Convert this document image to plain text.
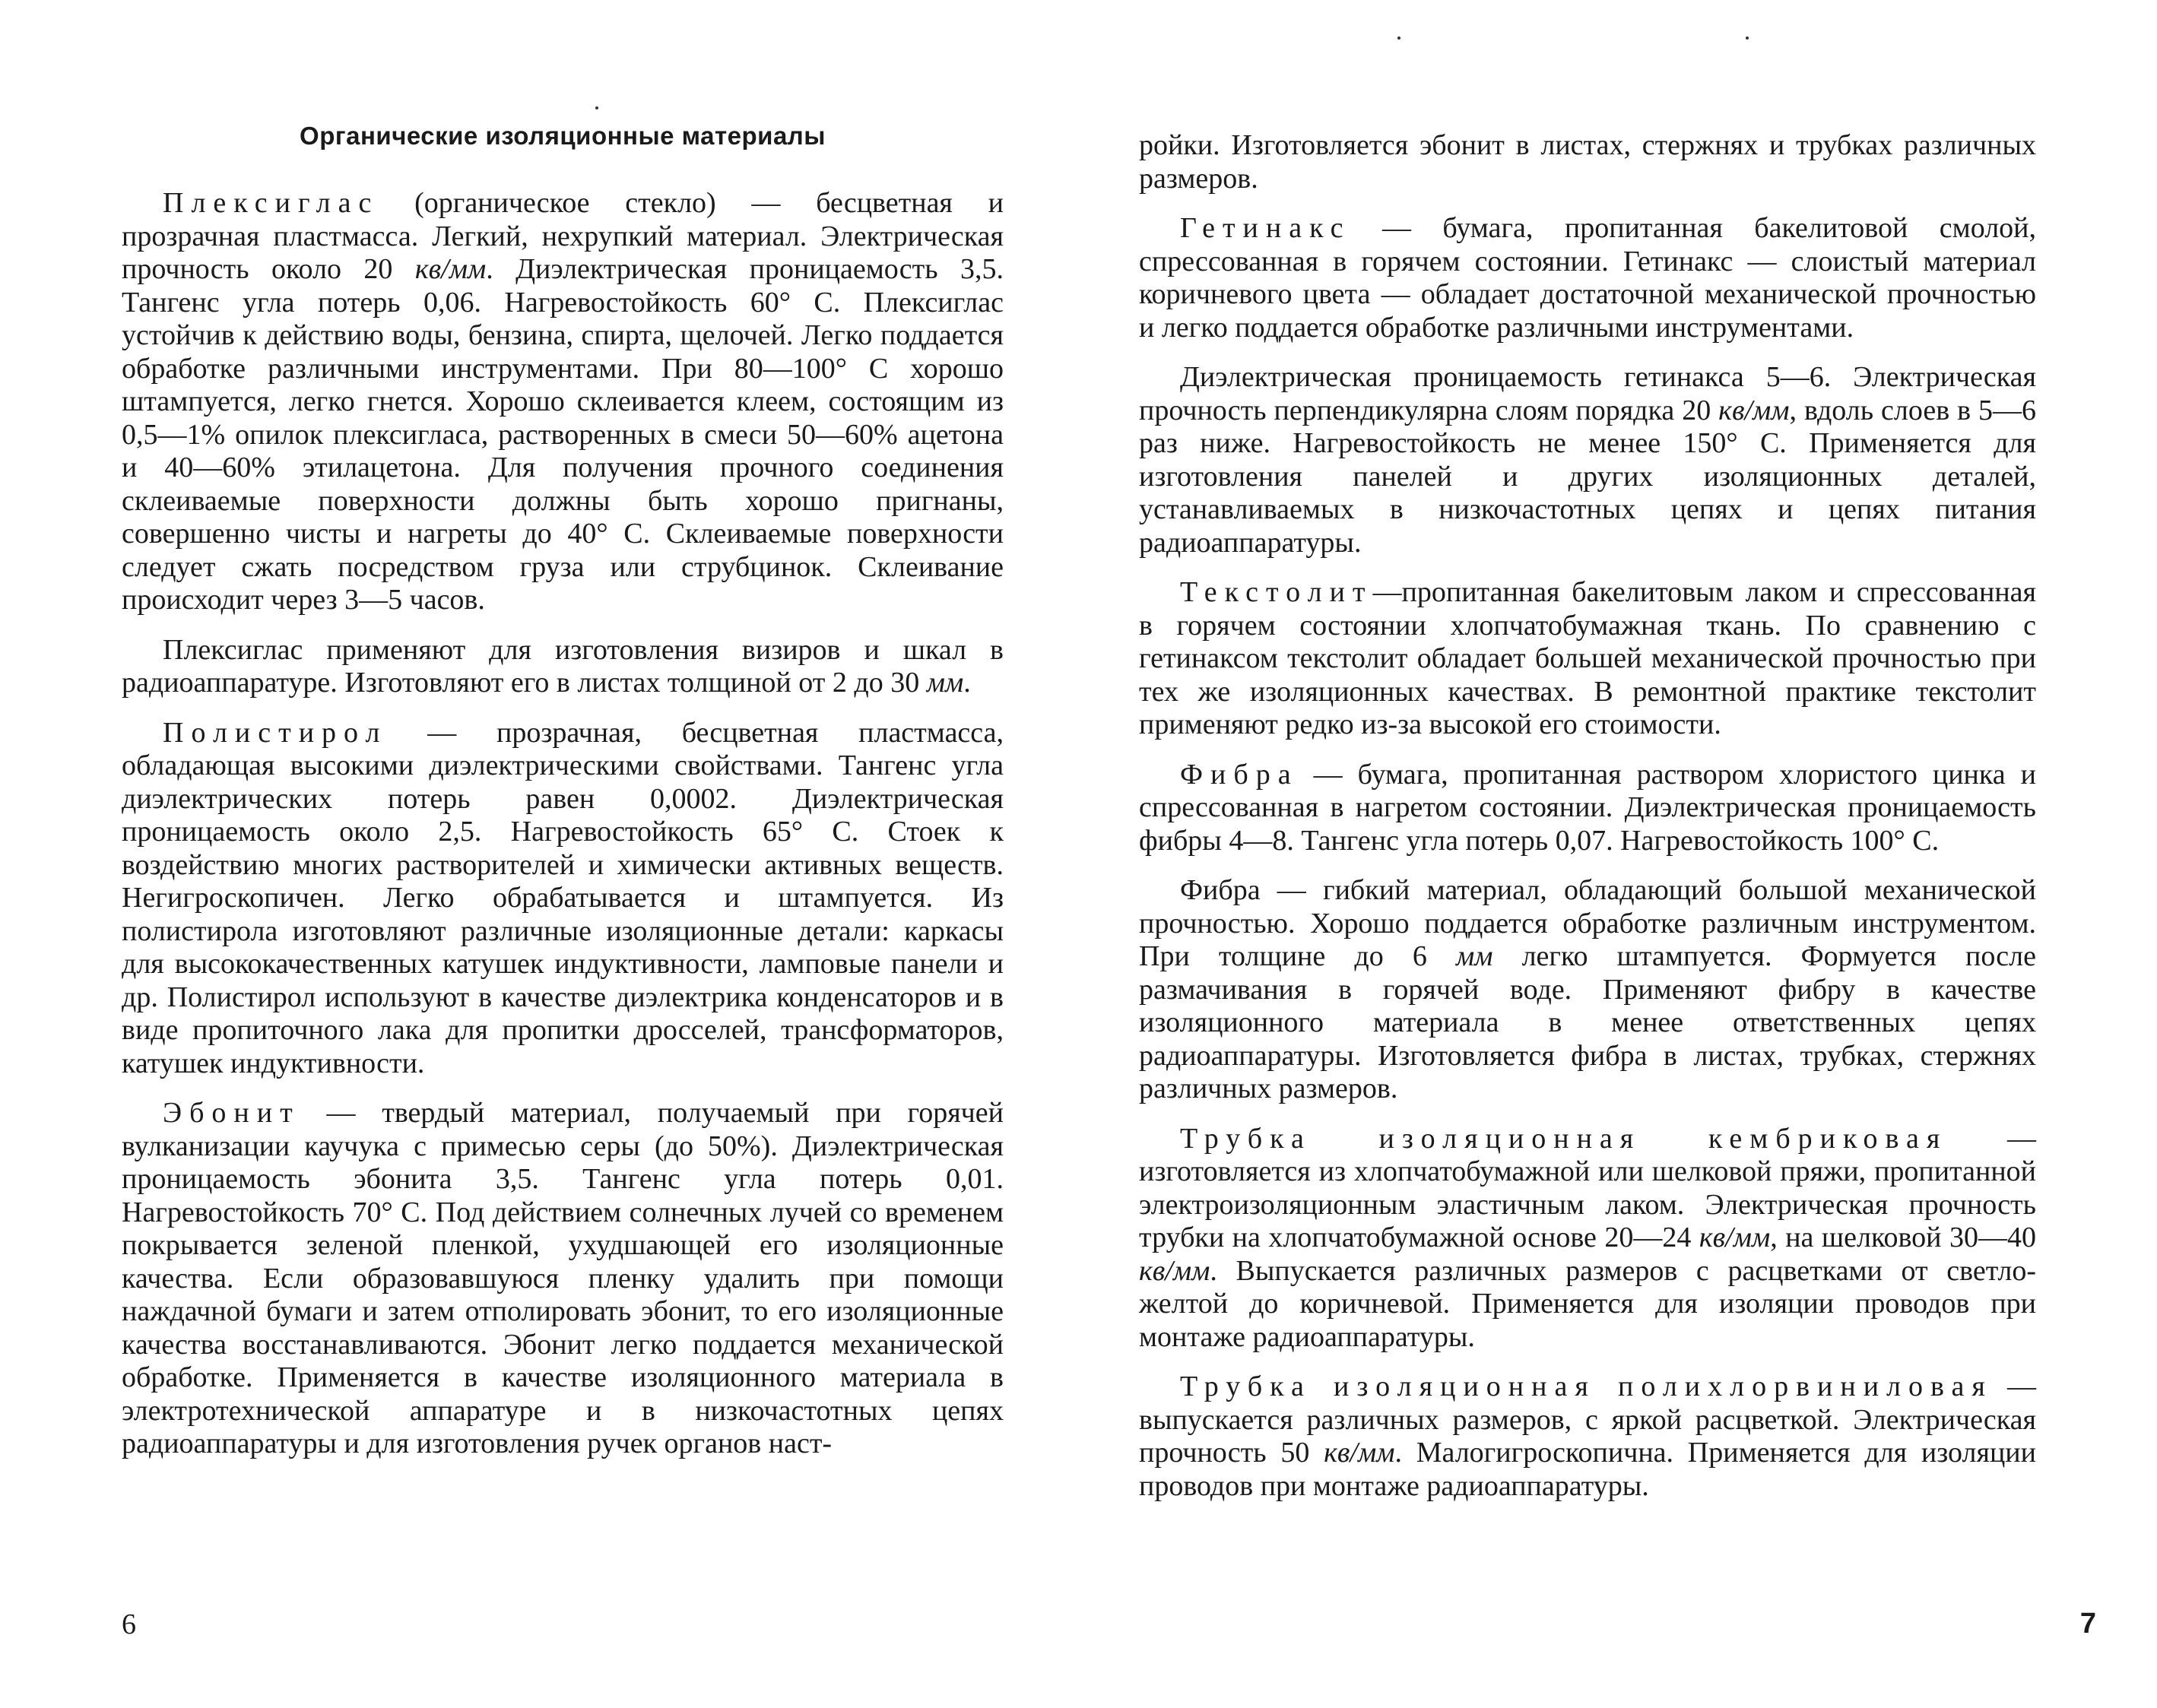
Органические изоляционные материалы

Плексиглас (органическое стекло) — бесцветная и прозрачная пластмасса. Легкий, нехрупкий материал. Электрическая прочность около 20 кв/мм. Диэлектрическая проницаемость 3,5. Тангенс угла потерь 0,06. Нагревостойкость 60° С. Плексиглас устойчив к действию воды, бензина, спирта, щелочей. Легко поддается обработке различными инструментами. При 80—100° С хорошо штампуется, легко гнется. Хорошо склеивается клеем, состоящим из 0,5—1% опилок плексигласа, растворенных в смеси 50—60% ацетона и 40—60% этилацетона. Для получения прочного соединения склеиваемые поверхности должны быть хорошо пригнаны, совершенно чисты и нагреты до 40° С. Склеиваемые поверхности следует сжать посредством груза или струбцинок. Склеивание происходит через 3—5 часов.

Плексиглас применяют для изготовления визиров и шкал в радиоаппаратуре. Изготовляют его в листах толщиной от 2 до 30 мм.

Полистирол — прозрачная, бесцветная пластмасса, обладающая высокими диэлектрическими свойствами. Тангенс угла диэлектрических потерь равен 0,0002. Диэлектрическая проницаемость около 2,5. Нагревостойкость 65° С. Стоек к воздействию многих растворителей и химически активных веществ. Негигроскопичен. Легко обрабатывается и штампуется. Из полистирола изготовляют различные изоляционные детали: каркасы для высококачественных катушек индуктивности, ламповые панели и др. Полистирол используют в качестве диэлектрика конденсаторов и в виде пропиточного лака для пропитки дросселей, трансформаторов, катушек индуктивности.

Эбонит — твердый материал, получаемый при горячей вулканизации каучука с примесью серы (до 50%). Диэлектрическая проницаемость эбонита 3,5. Тангенс угла потерь 0,01. Нагревостойкость 70° С. Под действием солнечных лучей со временем покрывается зеленой пленкой, ухудшающей его изоляционные качества. Если образовавшуюся пленку удалить при помощи наждачной бумаги и затем отполировать эбонит, то его изоляционные качества восстанавливаются. Эбонит легко поддается механической обработке. Применяется в качестве изоляционного материала в электротехнической аппаратуре и в низкочастотных цепях радиоаппаратуры и для изготовления ручек органов наст-

6

ройки. Изготовляется эбонит в листах, стержнях и трубках различных размеров.

Гетинакс — бумага, пропитанная бакелитовой смолой, спрессованная в горячем состоянии. Гетинакс — слоистый материал коричневого цвета — обладает достаточной механической прочностью и легко поддается обработке различными инструментами.

Диэлектрическая проницаемость гетинакса 5—6. Электрическая прочность перпендикулярна слоям порядка 20 кв/мм, вдоль слоев в 5—6 раз ниже. Нагревостойкость не менее 150° С. Применяется для изготовления панелей и других изоляционных деталей, устанавливаемых в низкочастотных цепях и цепях питания радиоаппаратуры.

Текстолит—пропитанная бакелитовым лаком и спрессованная в горячем состоянии хлопчатобумажная ткань. По сравнению с гетинаксом текстолит обладает большей механической прочностью при тех же изоляционных качествах. В ремонтной практике текстолит применяют редко из-за высокой его стоимости.

Фибра — бумага, пропитанная раствором хлористого цинка и спрессованная в нагретом состоянии. Диэлектрическая проницаемость фибры 4—8. Тангенс угла потерь 0,07. Нагревостойкость 100° С.

Фибра — гибкий материал, обладающий большой механической прочностью. Хорошо поддается обработке различным инструментом. При толщине до 6 мм легко штампуется. Формуется после размачивания в горячей воде. Применяют фибру в качестве изоляционного материала в менее ответственных цепях радиоаппаратуры. Изготовляется фибра в листах, трубках, стержнях различных размеров.

Трубка изоляционная кембриковая — изготовляется из хлопчатобумажной или шелковой пряжи, пропитанной электроизоляционным эластичным лаком. Электрическая прочность трубки на хлопчатобумажной основе 20—24 кв/мм, на шелковой 30—40 кв/мм. Выпускается различных размеров с расцветками от светло-желтой до коричневой. Применяется для изоляции проводов при монтаже радиоаппаратуры.

Трубка изоляционная полихлорвиниловая — выпускается различных размеров, с яркой расцветкой. Электрическая прочность 50 кв/мм. Малогигроскопична. Применяется для изоляции проводов при монтаже радиоаппаратуры.

7
